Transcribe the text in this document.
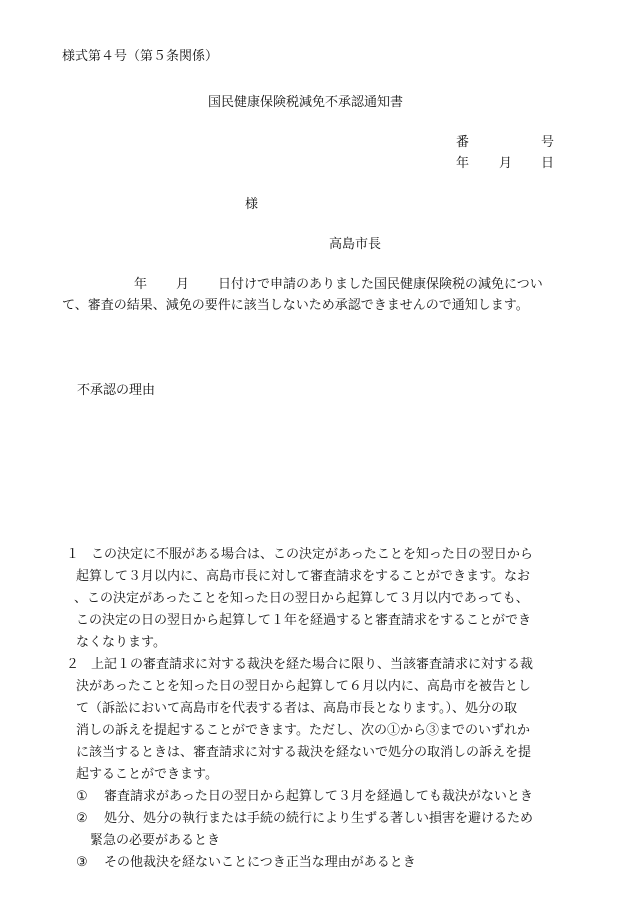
様式第４号（第５条関係）
国民健康保険税減免不承認通知書
番	号
年 月 日
様
高島市長
年 月 日付けで申請のありました国民健康保険税の減免につい
て、審査の結果、減免の要件に該当しないため承認できませんので通知します。
不承認の理由
１ この決定に不服がある場合は、この決定があったことを知った日の翌日から
起算して３月以内に、高島市長に対して審査請求をすることができます。なお
、この決定があったことを知った日の翌日から起算して３月以内であっても、
この決定の日の翌日から起算して１年を経過すると審査請求をすることができ
なくなります。
２ 上記１の審査請求に対する裁決を経た場合に限り、当該審査請求に対する裁
決があったことを知った日の翌日から起算して６月以内に、高島市を被告とし
て（訴訟において高島市を代表する者は、高島市長となります。）、処分の取
消しの訴えを提起することができます。ただし、次の①から③までのいずれか
に該当するときは、審査請求に対する裁決を経ないで処分の取消しの訴えを提
起することができます。
① 審査請求があった日の翌日から起算して３月を経過しても裁決がないとき
② 処分、処分の執行または手続の続行により生ずる著しい損害を避けるため
緊急の必要があるとき
③ その他裁決を経ないことにつき正当な理由があるとき
